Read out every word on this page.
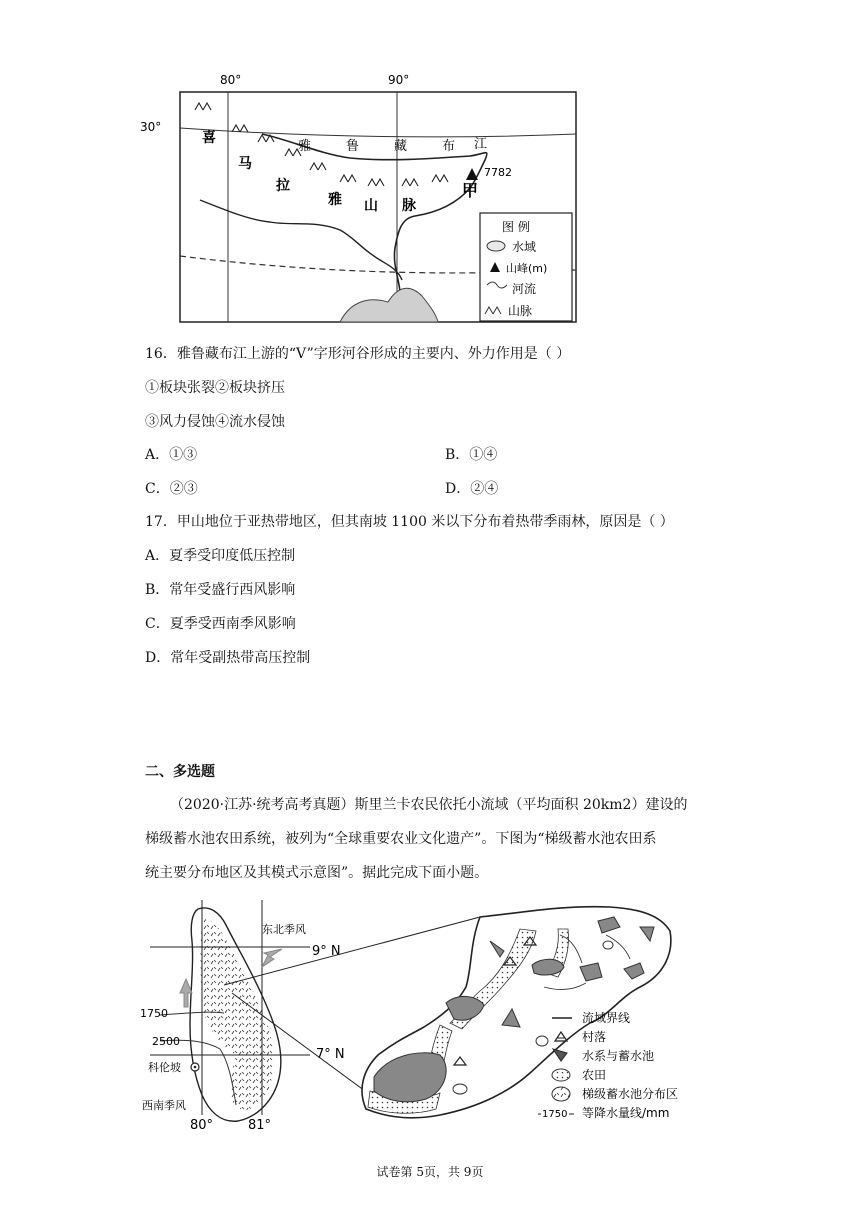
80°	90°
30°
喜
马
拉
雅 山 脉
雅	鲁	藏	布 江
甲
7782
图 例
水域
山峰(m)
河流
山脉
16．雅鲁藏布江上游的“V”字形河谷形成的主要内、外力作用是（ ）
①板块张裂②板块挤压
③风力侵蚀④流水侵蚀
A．①③	B．①④
C．②③	D．②④
17．甲山地位于亚热带地区，但其南坡 1100 米以下分布着热带季雨林，原因是（ ）
A．夏季受印度低压控制
B．常年受盛行西风影响
C．夏季受西南季风影响
D．常年受副热带高压控制
二、多选题
（2020·江苏·统考高考真题）斯里兰卡农民依托小流域（平均面积 20km2）建设的
梯级蓄水池农田系统，被列为“全球重要农业文化遗产”。下图为“梯级蓄水池农田系
统主要分布地区及其模式示意图”。据此完成下面小题。
9° N
7° N
80°	81°
1750
2500
科伦坡
东北季风
西南季风
流域界线
村落
水系与蓄水池
农田
梯级蓄水池分布区
1750 等降水量线/mm
试卷第 5页，共 9页
